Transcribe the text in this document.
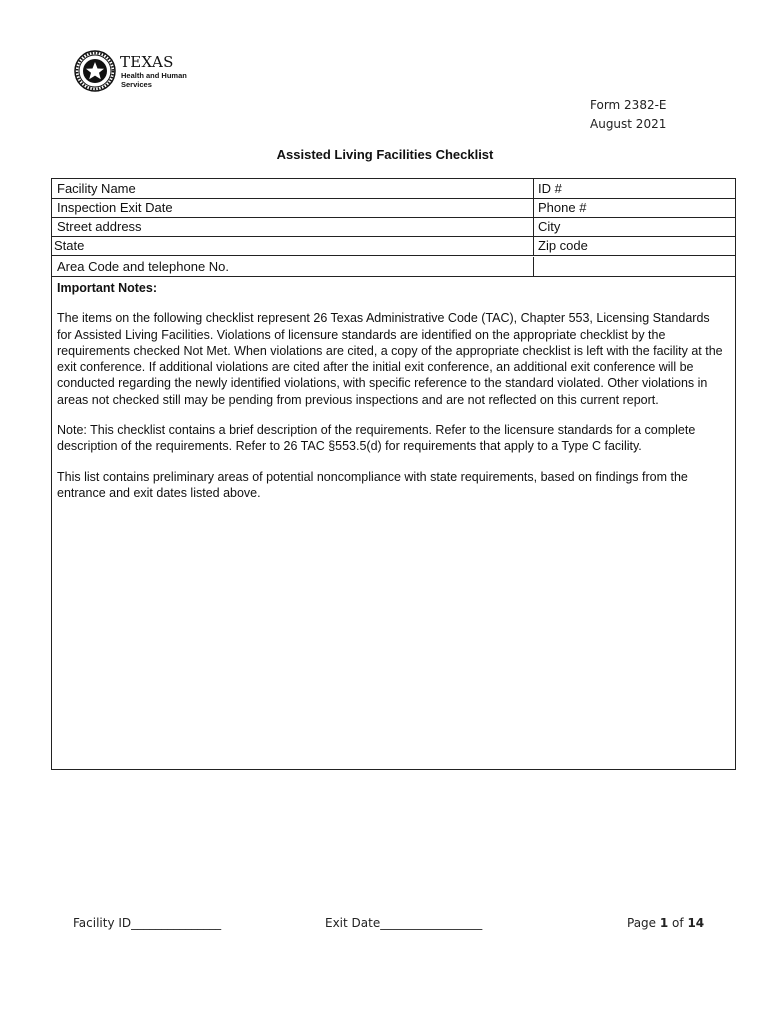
TEXAS
Health and Human
Services
Form 2382-E
August 2021
Assisted Living Facilities Checklist
Facility Name	ID #
Inspection Exit Date	Phone #
Street address	City
State	Zip code
Area Code and telephone No.
Important Notes:

The items on the following checklist represent 26 Texas Administrative Code (TAC), Chapter 553, Licensing Standards for Assisted Living Facilities. Violations of licensure standards are identified on the appropriate checklist by the requirements checked Not Met. When violations are cited, a copy of the appropriate checklist is left with the facility at the exit conference. If additional violations are cited after the initial exit conference, an additional exit conference will be conducted regarding the newly identified violations, with specific reference to the standard violated. Other violations in areas not checked still may be pending from previous inspections and are not reflected on this current report.

Note: This checklist contains a brief description of the requirements. Refer to the licensure standards for a complete description of the requirements. Refer to 26 TAC §553.5(d) for requirements that apply to a Type C facility.

This list contains preliminary areas of potential noncompliance with state requirements, based on findings from the entrance and exit dates listed above.

Facility ID_______________	Exit Date_________________	Page 1 of 14
